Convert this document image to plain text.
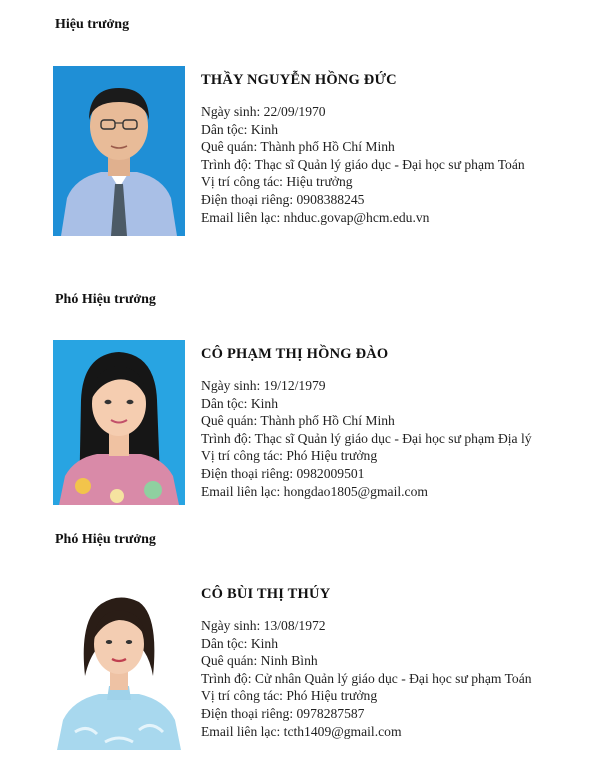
Hiệu trưởng
THẦY NGUYỄN HỒNG ĐỨC
Ngày sinh: 22/09/1970
Dân tộc: Kinh
Quê quán: Thành phố Hồ Chí Minh
Trình độ: Thạc sĩ Quản lý giáo dục - Đại học sư phạm Toán
Vị trí công tác: Hiệu trưởng
Điện thoại riêng: 0908388245
Email liên lạc: nhduc.govap@hcm.edu.vn
Phó Hiệu trưởng
CÔ PHẠM THỊ HỒNG ĐÀO
Ngày sinh: 19/12/1979
Dân tộc: Kinh
Quê quán: Thành phố Hồ Chí Minh
Trình độ: Thạc sĩ Quản lý giáo dục - Đại học sư phạm Địa lý
Vị trí công tác: Phó Hiệu trưởng
Điện thoại riêng: 0982009501
Email liên lạc: hongdao1805@gmail.com
Phó Hiệu trưởng
CÔ BÙI THỊ THÚY
Ngày sinh: 13/08/1972
Dân tộc: Kinh
Quê quán: Ninh Bình
Trình độ: Cử nhân Quản lý giáo dục - Đại học sư phạm Toán
Vị trí công tác: Phó Hiệu trưởng
Điện thoại riêng: 0978287587
Email liên lạc: tcth1409@gmail.com
